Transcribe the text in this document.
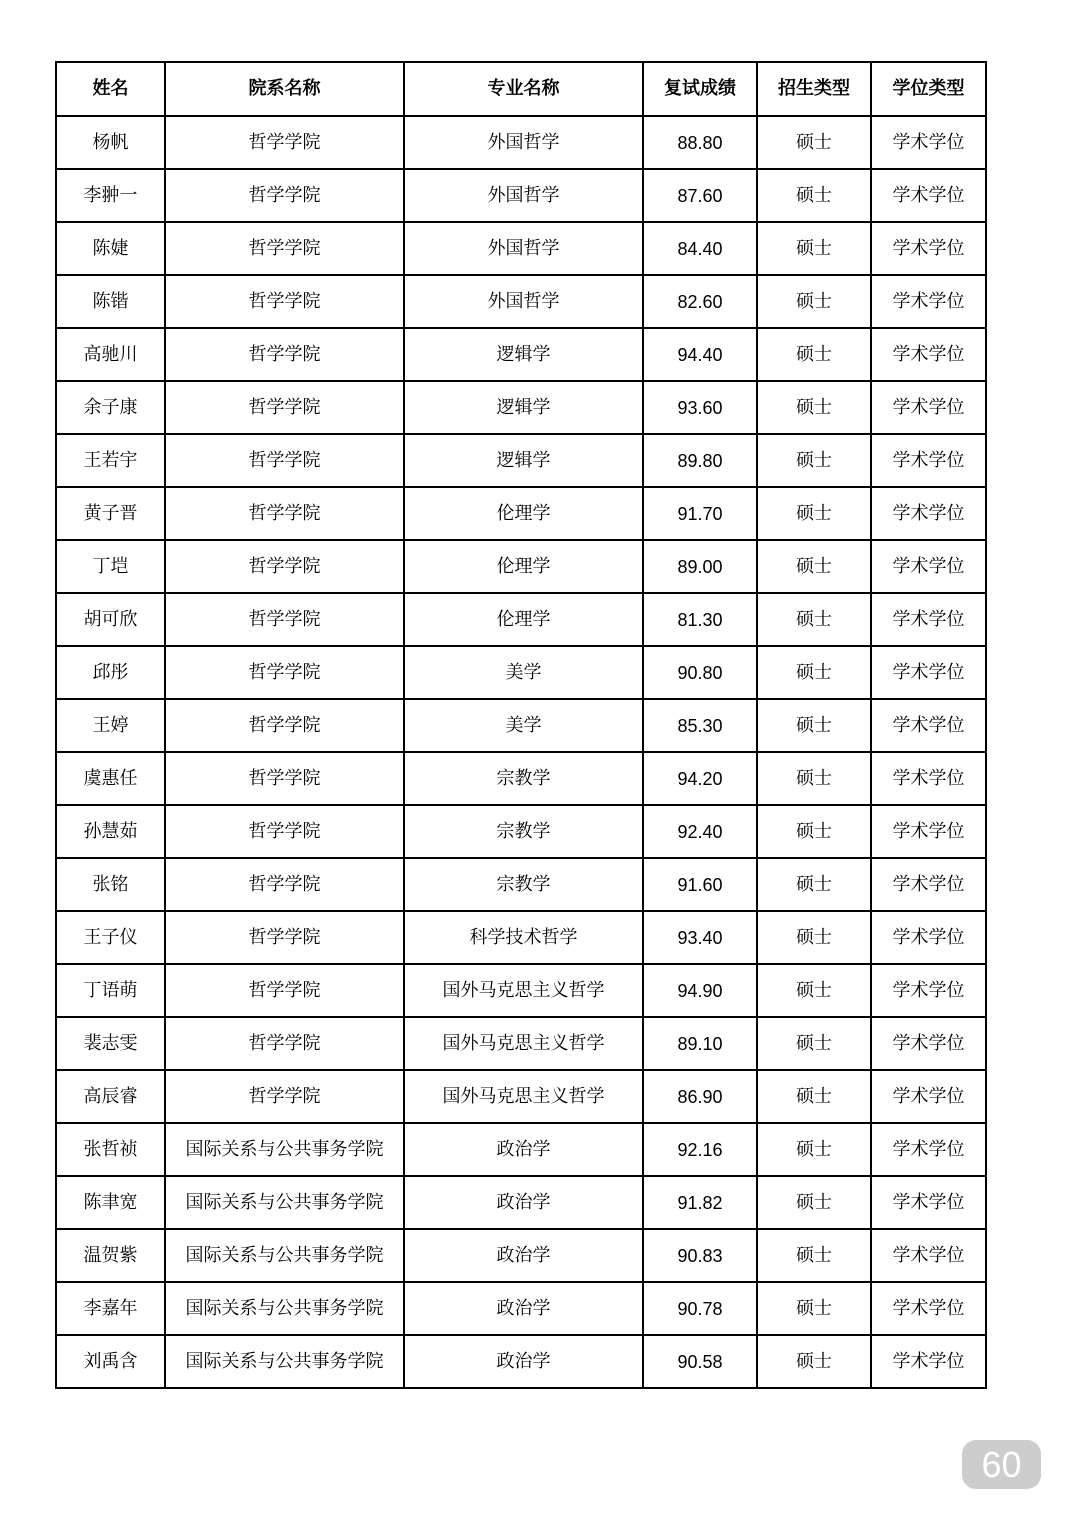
姓名	院系名称	专业名称	复试成绩	招生类型	学位类型
杨帆	哲学学院	外国哲学	88.80	硕士	学术学位
李翀一	哲学学院	外国哲学	87.60	硕士	学术学位
陈婕	哲学学院	外国哲学	84.40	硕士	学术学位
陈锴	哲学学院	外国哲学	82.60	硕士	学术学位
高驰川	哲学学院	逻辑学	94.40	硕士	学术学位
余子康	哲学学院	逻辑学	93.60	硕士	学术学位
王若宇	哲学学院	逻辑学	89.80	硕士	学术学位
黄子晋	哲学学院	伦理学	91.70	硕士	学术学位
丁垲	哲学学院	伦理学	89.00	硕士	学术学位
胡可欣	哲学学院	伦理学	81.30	硕士	学术学位
邱彤	哲学学院	美学	90.80	硕士	学术学位
王婷	哲学学院	美学	85.30	硕士	学术学位
虞惠任	哲学学院	宗教学	94.20	硕士	学术学位
孙慧茹	哲学学院	宗教学	92.40	硕士	学术学位
张铭	哲学学院	宗教学	91.60	硕士	学术学位
王子仪	哲学学院	科学技术哲学	93.40	硕士	学术学位
丁语萌	哲学学院	国外马克思主义哲学	94.90	硕士	学术学位
裴志雯	哲学学院	国外马克思主义哲学	89.10	硕士	学术学位
高辰睿	哲学学院	国外马克思主义哲学	86.90	硕士	学术学位
张哲祯	国际关系与公共事务学院	政治学	92.16	硕士	学术学位
陈聿宽	国际关系与公共事务学院	政治学	91.82	硕士	学术学位
温贺紫	国际关系与公共事务学院	政治学	90.83	硕士	学术学位
李嘉年	国际关系与公共事务学院	政治学	90.78	硕士	学术学位
刘禹含	国际关系与公共事务学院	政治学	90.58	硕士	学术学位
60
